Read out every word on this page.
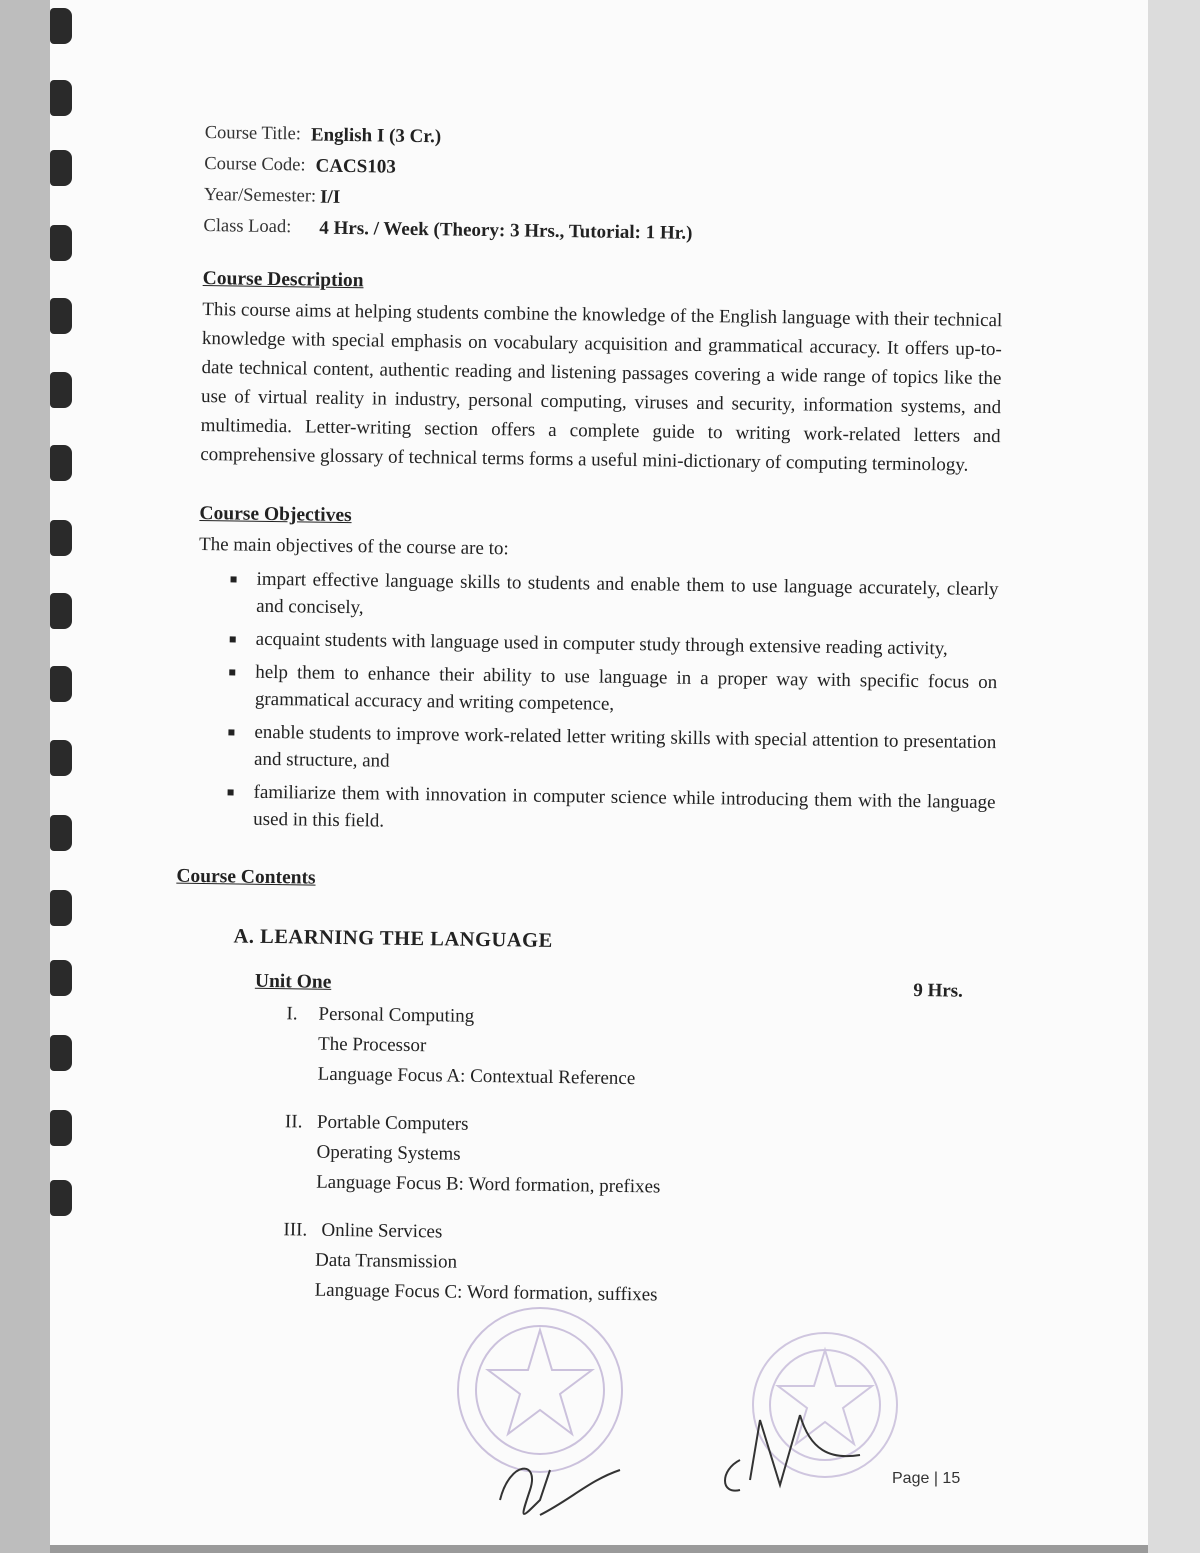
Course Title: English I (3 Cr.)
Course Code: CACS103
Year/Semester: I/I
Class Load: 4 Hrs. / Week (Theory: 3 Hrs., Tutorial: 1 Hr.)
Course Description

This course aims at helping students combine the knowledge of the English language with their technical knowledge with special emphasis on vocabulary acquisition and grammatical accuracy. It offers up-to-date technical content, authentic reading and listening passages covering a wide range of topics like the use of virtual reality in industry, personal computing, viruses and security, information systems, and multimedia. Letter-writing section offers a complete guide to writing work-related letters and comprehensive glossary of technical terms forms a useful mini-dictionary of computing terminology.

Course Objectives

The main objectives of the course are to:

impart effective language skills to students and enable them to use language accurately, clearly and concisely,
acquaint students with language used in computer study through extensive reading activity,
help them to enhance their ability to use language in a proper way with specific focus on grammatical accuracy and writing competence,
enable students to improve work-related letter writing skills with special attention to presentation and structure, and
familiarize them with innovation in computer science while introducing them with the language used in this field.
Course Contents
A. LEARNING THE LANGUAGE
Unit One	9 Hrs.
I.	Personal Computing
The Processor
Language Focus A: Contextual Reference
II. Portable Computers
Operating Systems
Language Focus B: Word formation, prefixes
III. Online Services
Data Transmission
Language Focus C: Word formation, suffixes
Page | 15
